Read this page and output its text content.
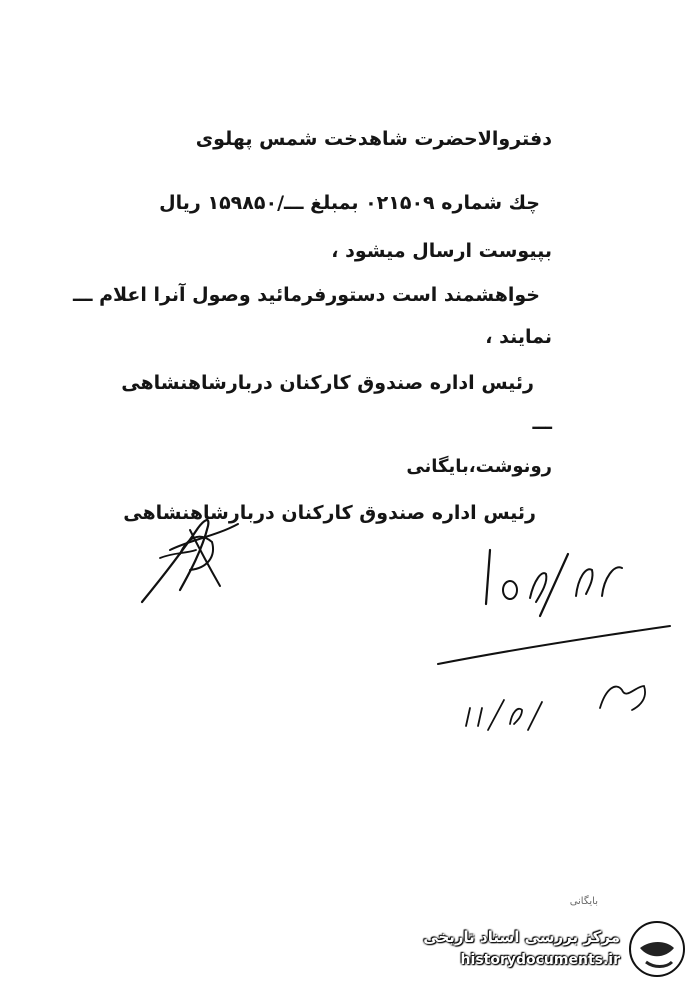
دفتروالاحضرت شاهدخت شمس پهلوی
چك شماره ۰۲۱۵۰۹ بمبلغ ـــ/۱۵۹۸۵۰ ریال
بپیوست ارسال میشود ،
خواهشمند است دستورفرمائید وصول آنرا اعلام ـــ
نمایند ،
رئیس اداره صندوق کارکنان دربارشاهنشاهی
ـــ
رونوشت،بایگانی
رئیس اداره صندوق کارکنان دربارشاهنشاهی
بایگانی
مرکز بررسی اسناد تاریخی
historydocuments.ir
